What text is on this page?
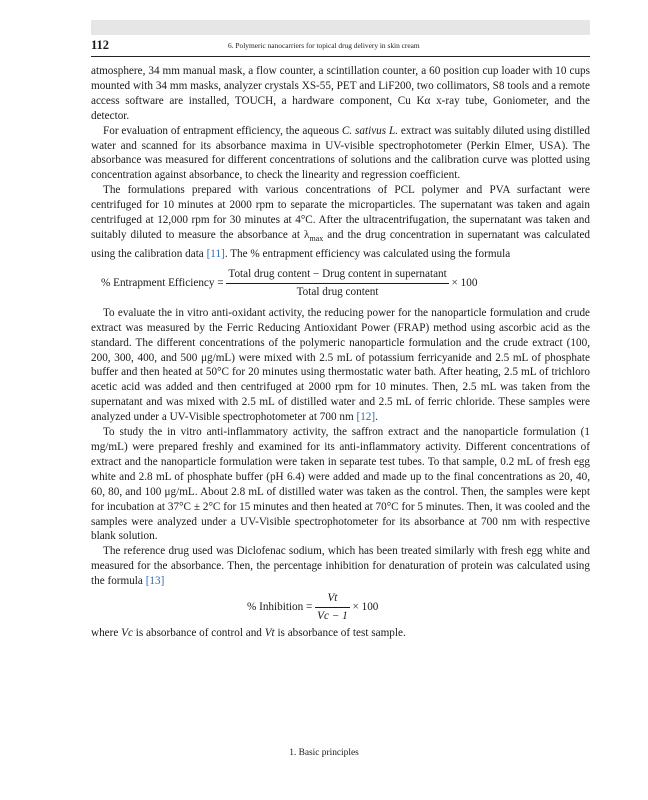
112	6. Polymeric nanocarriers for topical drug delivery in skin cream

atmosphere, 34 mm manual mask, a flow counter, a scintillation counter, a 60 position cup loader with 10 cups mounted with 34 mm masks, analyzer crystals XS-55, PET and LiF200, two collimators, S8 tools and a remote access software are installed, TOUCH, a hardware component, Cu Kα x-ray tube, Goniometer, and the detector.

For evaluation of entrapment efficiency, the aqueous C. sativus L. extract was suitably diluted using distilled water and scanned for its absorbance maxima in UV-visible spectrophotometer (Perkin Elmer, USA). The absorbance was measured for different concentrations of solutions and the calibration curve was plotted using concentration against absorbance, to check the linearity and regression coefficient.

The formulations prepared with various concentrations of PCL polymer and PVA surfactant were centrifuged for 10 minutes at 2000 rpm to separate the microparticles. The supernatant was taken and again centrifuged at 12,000 rpm for 30 minutes at 4°C. After the ultracentrifugation, the supernatant was taken and suitably diluted to measure the absorbance at $\lambda_{max}$ and the drug concentration in supernatant was calculated using the calibration data [11]. The % entrapment efficiency was calculated using the formula

% Entrapment Efficiency = $\frac{\text{Total drug content − Drug content in supernatant}}{\text{Total drug content}} \times 100$

To evaluate the in vitro anti-oxidant activity, the reducing power for the nanoparticle formulation and crude extract was measured by the Ferric Reducing Antioxidant Power (FRAP) method using ascorbic acid as the standard. The different concentrations of the polymeric nanoparticle formulation and the crude extract (100, 200, 300, 400, and 500 μg/mL) were mixed with 2.5 mL of potassium ferricyanide and 2.5 mL of phosphate buffer and then heated at 50°C for 20 minutes using thermostatic water bath. After heating, 2.5 mL of trichloro acetic acid was added and then centrifuged at 2000 rpm for 10 minutes. Then, 2.5 mL was taken from the supernatant and was mixed with 2.5 mL of distilled water and 2.5 mL of ferric chloride. These samples were analyzed under a UV-Visible spectrophotometer at 700 nm [12].

To study the in vitro anti-inflammatory activity, the saffron extract and the nanoparticle formulation (1 mg/mL) were prepared freshly and examined for its anti-inflammatory activity. Different concentrations of extract and the nanoparticle formulation were taken in separate test tubes. To that sample, 0.2 mL of fresh egg white and 2.8 mL of phosphate buffer (pH 6.4) were added and made up to the final concentrations as 20, 40, 60, 80, and 100 μg/mL. About 2.8 mL of distilled water was taken as the control. Then, the samples were kept for incubation at 37°C ± 2°C for 15 minutes and then heated at 70°C for 5 minutes. Then, it was cooled and the samples were analyzed under a UV-Visible spectrophotometer for its absorbance at 700 nm with respective blank solution.

The reference drug used was Diclofenac sodium, which has been treated similarly with fresh egg white and measured for the absorbance. Then, the percentage inhibition for denaturation of protein was calculated using the formula [13]

% Inhibition = $\frac{Vt}{Vc - 1} \times 100$

where Vc is absorbance of control and Vt is absorbance of test sample.

1. Basic principles
